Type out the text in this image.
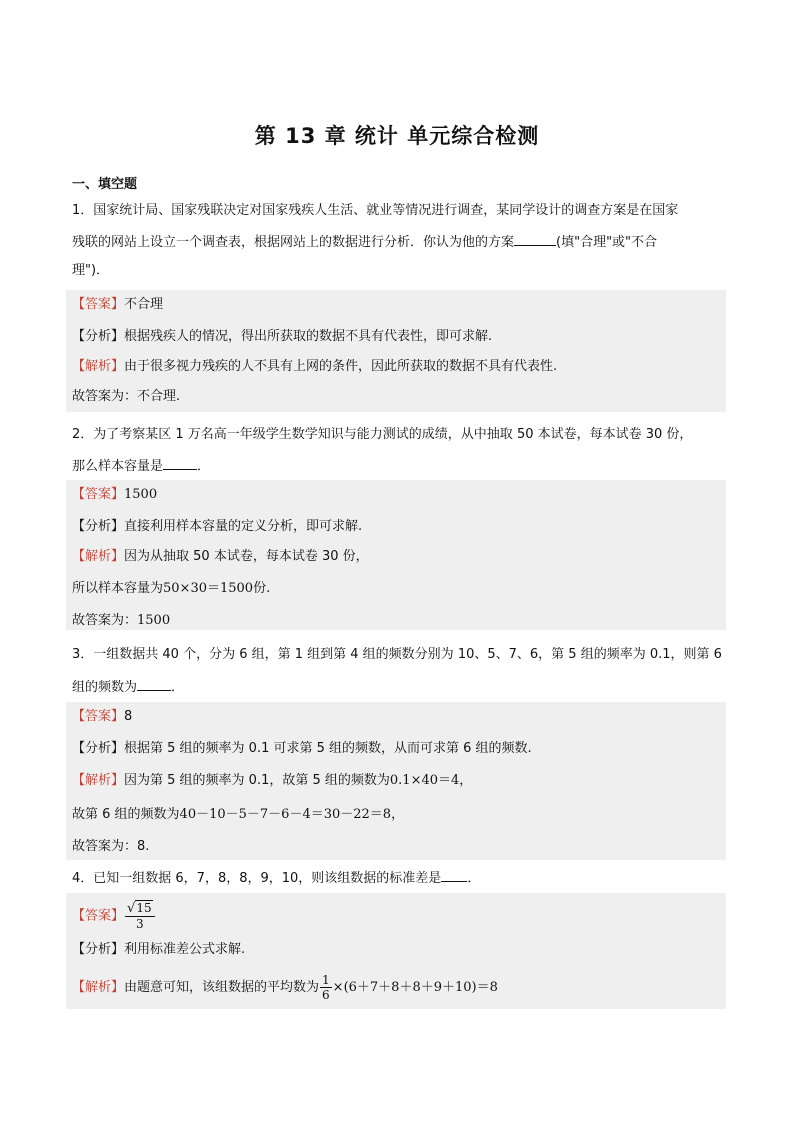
第 13 章 统计 单元综合检测
一、填空题
1．国家统计局、国家残联决定对国家残疾人生活、就业等情况进行调查，某同学设计的调查方案是在国家
残联的网站上设立一个调查表，根据网站上的数据进行分析．你认为他的方案	(填"合理"或"不合
理")．
【答案】不合理
【分析】根据残疾人的情况，得出所获取的数据不具有代表性，即可求解.
【解析】由于很多视力残疾的人不具有上网的条件，因此所获取的数据不具有代表性.
故答案为：不合理.
2．为了考察某区 1 万名高一年级学生数学知识与能力测试的成绩，从中抽取 50 本试卷，每本试卷 30 份，
那么样本容量是	．
【答案】1500
【分析】直接利用样本容量的定义分析，即可求解.
【解析】因为从抽取 50 本试卷，每本试卷 30 份，
所以样本容量为50×30＝1500份.
故答案为：1500
3．一组数据共 40 个，分为 6 组，第 1 组到第 4 组的频数分别为 10、5、7、6，第 5 组的频率为 0.1，则第 6
组的频数为	．
【答案】8
【分析】根据第 5 组的频率为 0.1 可求第 5 组的频数，从而可求第 6 组的频数.
【解析】因为第 5 组的频率为 0.1，故第 5 组的频数为0.1×40＝4，
故第 6 组的频数为40－10－5－7－6－4＝30－22＝8，
故答案为：8.
4．已知一组数据 6，7，8，8，9，10，则该组数据的标准差是 ．
【答案】 $\frac{√15}{3}$
【分析】利用标准差公式求解.
【解析】由题意可知，该组数据的平均数为 $\frac{1}{6} \times(6+7+8+8+9+10)=8$
